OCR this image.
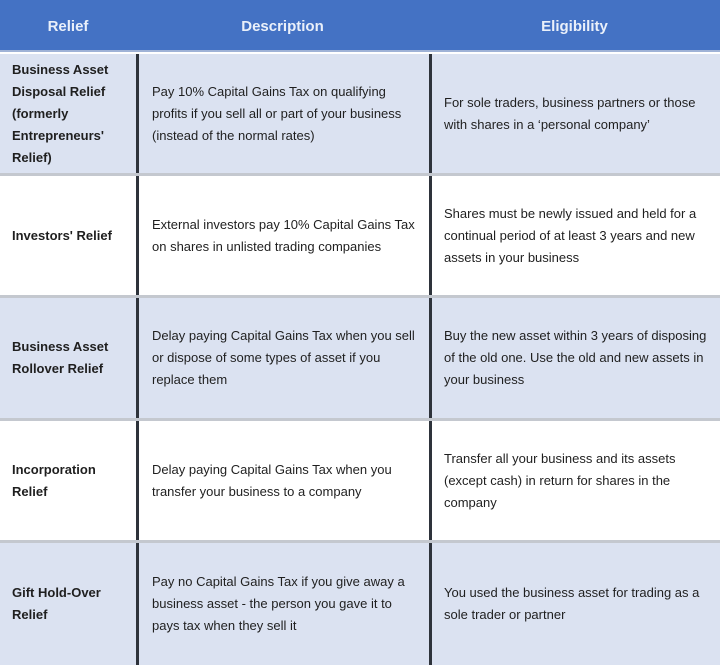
Relief	Description	Eligibility
Business Asset Disposal Relief (formerly Entrepreneurs' Relief)
Pay 10% Capital Gains Tax on qualifying profits if you sell all or part of your business (instead of the normal rates)
For sole traders, business partners or those with shares in a ‘personal company’
Investors' Relief
External investors pay 10% Capital Gains Tax on shares in unlisted trading companies
Shares must be newly issued and held for a continual period of at least 3 years and new assets in your business
Business Asset Rollover Relief
Delay paying Capital Gains Tax when you sell or dispose of some types of asset if you replace them
Buy the new asset within 3 years of disposing of the old one. Use the old and new assets in your business
Incorporation Relief
Delay paying Capital Gains Tax when you transfer your business to a company
Transfer all your business and its assets (except cash) in return for shares in the company
Gift Hold-Over Relief
Pay no Capital Gains Tax if you give away a business asset - the person you gave it to pays tax when they sell it
You used the business asset for trading as a sole trader or partner
